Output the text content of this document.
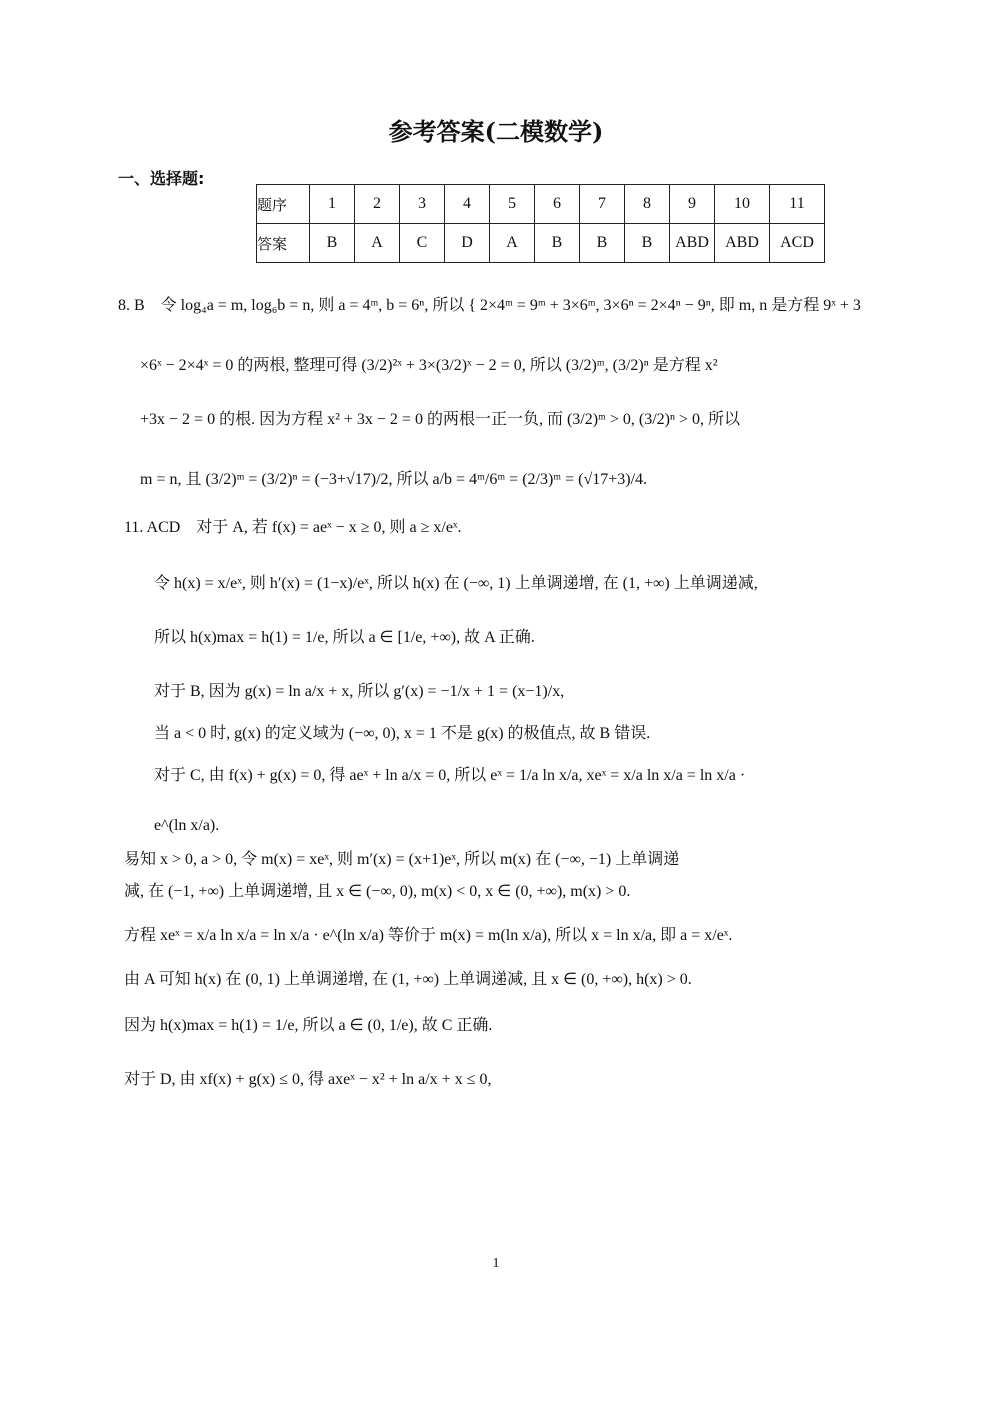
参考答案(二模数学)
一、选择题:
题序	1	2	3	4	5	6	7	8	9	10	11
答案	B	A	C	D	A	B	B	B	ABD	ABD	ACD
8. B　令 log₄a = m, log₆b = n, 则 a = 4ᵐ, b = 6ⁿ, 所以 { 2×4ᵐ = 9ᵐ + 3×6ᵐ, 3×6ⁿ = 2×4ⁿ − 9ⁿ, 即 m, n 是方程 9ˣ + 3
×6ˣ − 2×4ˣ = 0 的两根, 整理可得 (3/2)²ˣ + 3×(3/2)ˣ − 2 = 0, 所以 (3/2)ᵐ, (3/2)ⁿ 是方程 x²
+3x − 2 = 0 的根. 因为方程 x² + 3x − 2 = 0 的两根一正一负, 而 (3/2)ᵐ > 0, (3/2)ⁿ > 0, 所以
m = n, 且 (3/2)ᵐ = (3/2)ⁿ = (−3+√17)/2, 所以 a/b = 4ᵐ/6ᵐ = (2/3)ᵐ = (√17+3)/4.
11. ACD　对于 A, 若 f(x) = aeˣ − x ≥ 0, 则 a ≥ x/eˣ.
令 h(x) = x/eˣ, 则 h′(x) = (1−x)/eˣ, 所以 h(x) 在 (−∞, 1) 上单调递增, 在 (1, +∞) 上单调递减,
所以 h(x)max = h(1) = 1/e, 所以 a ∈ [1/e, +∞), 故 A 正确.
对于 B, 因为 g(x) = ln a/x + x, 所以 g′(x) = −1/x + 1 = (x−1)/x,
当 a < 0 时, g(x) 的定义域为 (−∞, 0), x = 1 不是 g(x) 的极值点, 故 B 错误.
对于 C, 由 f(x) + g(x) = 0, 得 aeˣ + ln a/x = 0, 所以 eˣ = 1/a ln x/a, xeˣ = x/a ln x/a = ln x/a ·
e^(ln x/a).
易知 x > 0, a > 0, 令 m(x) = xeˣ, 则 m′(x) = (x+1)eˣ, 所以 m(x) 在 (−∞, −1) 上单调递
减, 在 (−1, +∞) 上单调递增, 且 x ∈ (−∞, 0), m(x) < 0, x ∈ (0, +∞), m(x) > 0.
方程 xeˣ = x/a ln x/a = ln x/a · e^(ln x/a) 等价于 m(x) = m(ln x/a), 所以 x = ln x/a, 即 a = x/eˣ.
由 A 可知 h(x) 在 (0, 1) 上单调递增, 在 (1, +∞) 上单调递减, 且 x ∈ (0, +∞), h(x) > 0.
因为 h(x)max = h(1) = 1/e, 所以 a ∈ (0, 1/e), 故 C 正确.
对于 D, 由 xf(x) + g(x) ≤ 0, 得 axeˣ − x² + ln a/x + x ≤ 0,
1
